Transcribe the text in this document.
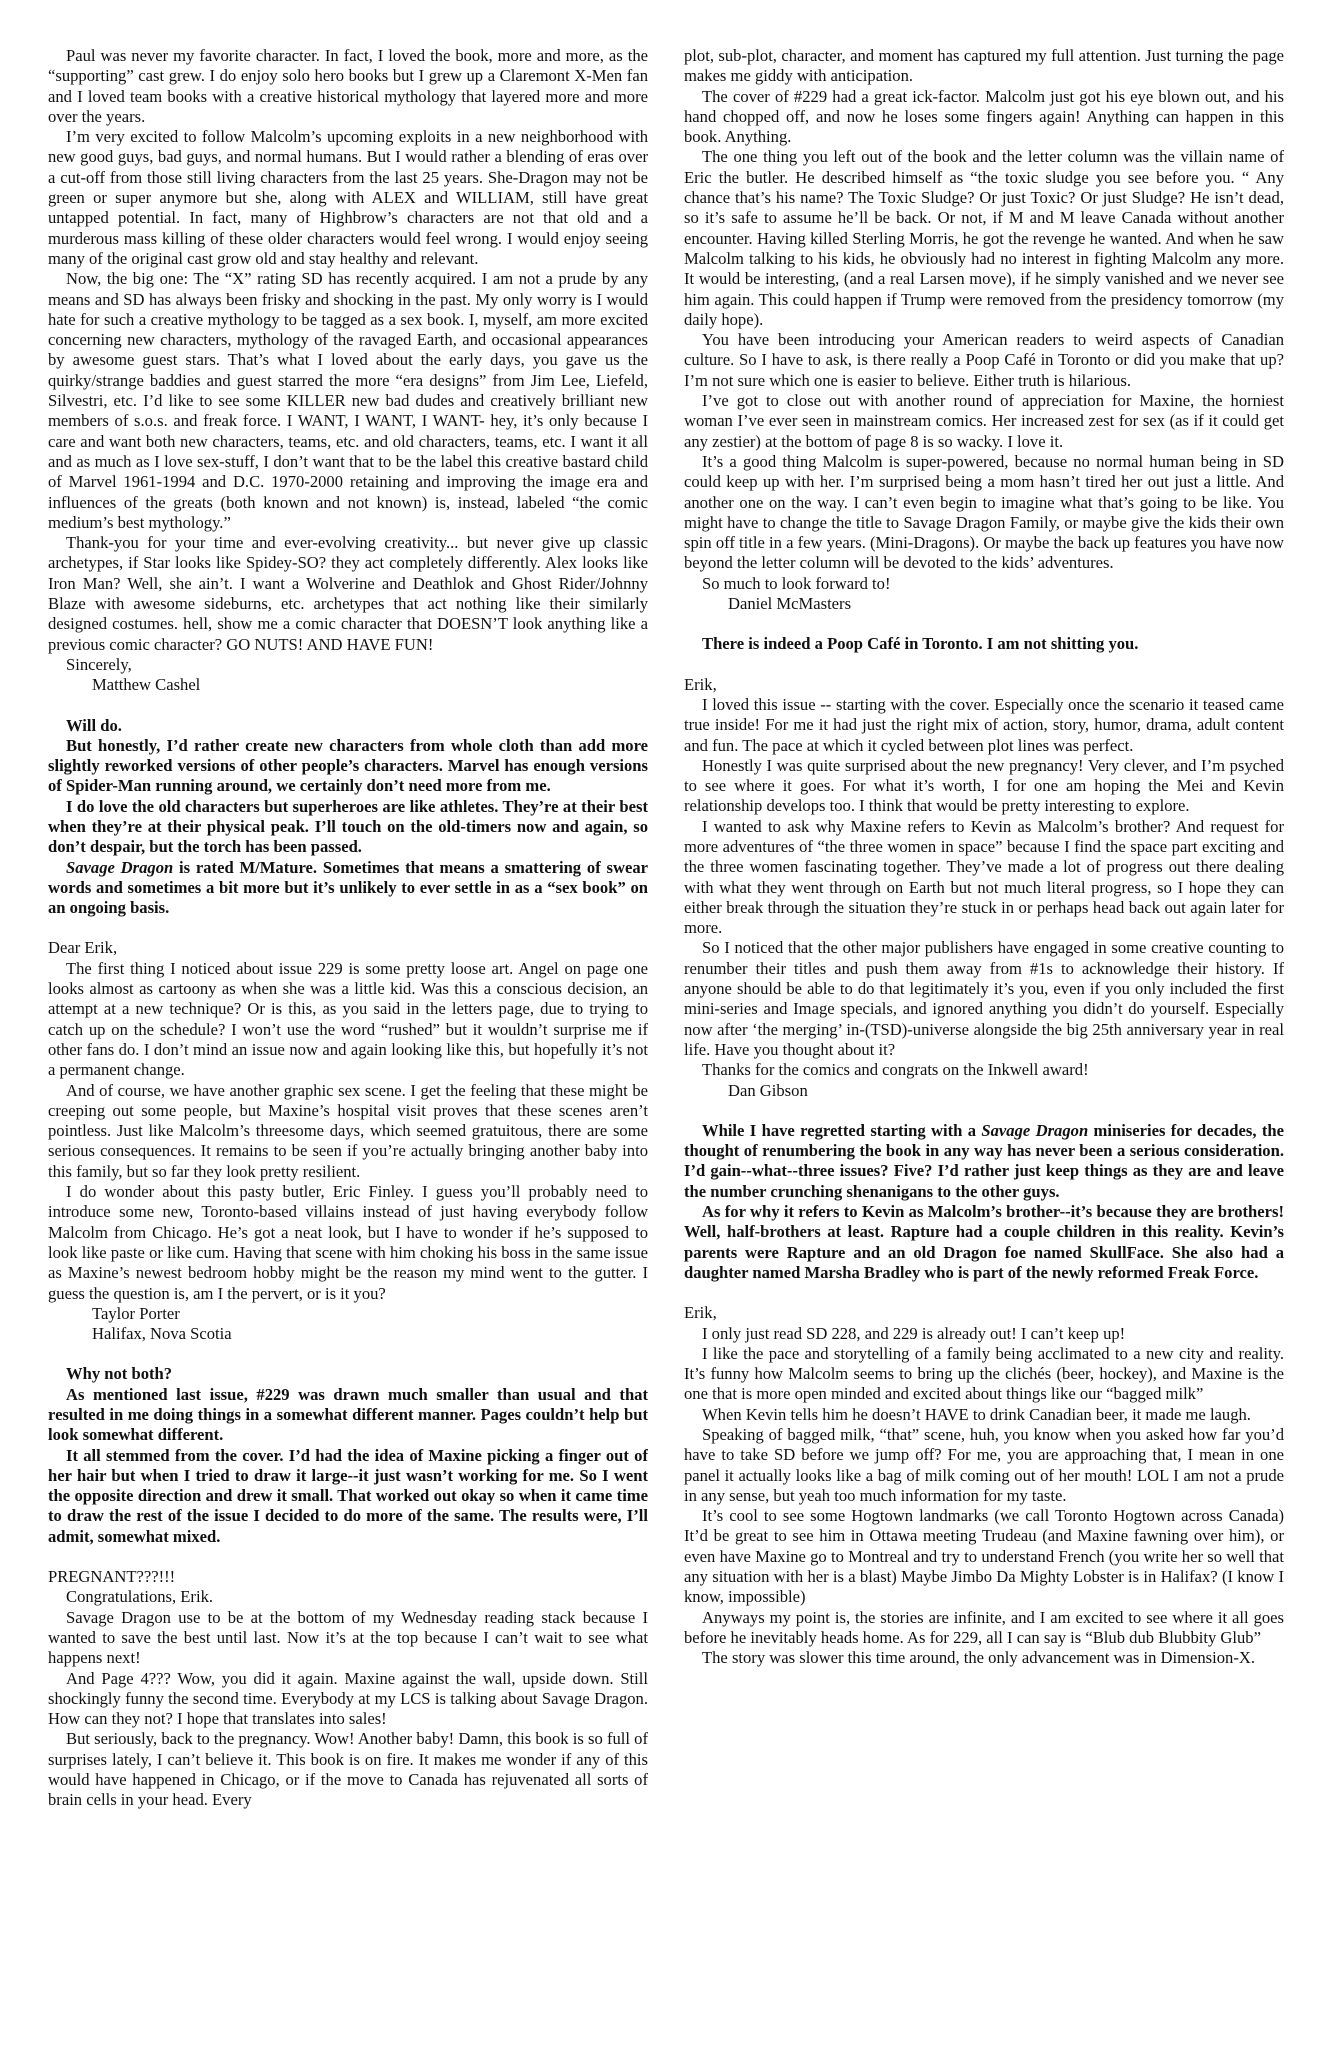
Paul was never my favorite character. In fact, I loved the book, more and more, as the “supporting” cast grew. I do enjoy solo hero books but I grew up a Claremont X-Men fan and I loved team books with a creative historical mythology that layered more and more over the years.

I’m very excited to follow Malcolm’s upcoming exploits in a new neighborhood with new good guys, bad guys, and normal humans. But I would rather a blending of eras over a cut-off from those still living characters from the last 25 years. She-Dragon may not be green or super anymore but she, along with ALEX and WILLIAM, still have great untapped potential. In fact, many of Highbrow’s characters are not that old and a murderous mass killing of these older characters would feel wrong. I would enjoy seeing many of the original cast grow old and stay healthy and relevant.

Now, the big one: The “X” rating SD has recently acquired. I am not a prude by any means and SD has always been frisky and shocking in the past. My only worry is I would hate for such a creative mythology to be tagged as a sex book. I, myself, am more excited concerning new characters, mythology of the ravaged Earth, and occasional appearances by awesome guest stars. That’s what I loved about the early days, you gave us the quirky/strange baddies and guest starred the more “era designs” from Jim Lee, Liefeld, Silvestri, etc. I’d like to see some KILLER new bad dudes and creatively brilliant new members of s.o.s. and freak force. I WANT, I WANT, I WANT- hey, it’s only because I care and want both new characters, teams, etc. and old characters, teams, etc. I want it all and as much as I love sex-stuff, I don’t want that to be the label this creative bastard child of Marvel 1961-1994 and D.C. 1970-2000 retaining and improving the image era and influences of the greats (both known and not known) is, instead, labeled “the comic medium’s best mythology.”

Thank-you for your time and ever-evolving creativity... but never give up classic archetypes, if Star looks like Spidey-SO? they act completely differently. Alex looks like Iron Man? Well, she ain’t. I want a Wolverine and Deathlok and Ghost Rider/Johnny Blaze with awesome sideburns, etc. archetypes that act nothing like their similarly designed costumes. hell, show me a comic character that DOESN’T look anything like a previous comic character? GO NUTS! AND HAVE FUN!

Sincerely,

Matthew Cashel

Will do.

But honestly, I’d rather create new characters from whole cloth than add more slightly reworked versions of other people’s characters. Marvel has enough versions of Spider-Man running around, we certainly don’t need more from me.

I do love the old characters but superheroes are like athletes. They’re at their best when they’re at their physical peak. I’ll touch on the old-timers now and again, so don’t despair, but the torch has been passed.

Savage Dragon is rated M/Mature. Sometimes that means a smattering of swear words and sometimes a bit more but it’s unlikely to ever settle in as a “sex book” on an ongoing basis.

Dear Erik,

The first thing I noticed about issue 229 is some pretty loose art. Angel on page one looks almost as cartoony as when she was a little kid. Was this a conscious decision, an attempt at a new technique? Or is this, as you said in the letters page, due to trying to catch up on the schedule? I won’t use the word “rushed” but it wouldn’t surprise me if other fans do. I don’t mind an issue now and again looking like this, but hopefully it’s not a permanent change.

And of course, we have another graphic sex scene. I get the feeling that these might be creeping out some people, but Maxine’s hospital visit proves that these scenes aren’t pointless. Just like Malcolm’s threesome days, which seemed gratuitous, there are some serious consequences. It remains to be seen if you’re actually bringing another baby into this family, but so far they look pretty resilient.

I do wonder about this pasty butler, Eric Finley. I guess you’ll probably need to introduce some new, Toronto-based villains instead of just having everybody follow Malcolm from Chicago. He’s got a neat look, but I have to wonder if he’s supposed to look like paste or like cum. Having that scene with him choking his boss in the same issue as Maxine’s newest bedroom hobby might be the reason my mind went to the gutter. I guess the question is, am I the pervert, or is it you?

Taylor Porter

Halifax, Nova Scotia

Why not both?

As mentioned last issue, #229 was drawn much smaller than usual and that resulted in me doing things in a somewhat different manner. Pages couldn’t help but look somewhat different.

It all stemmed from the cover. I’d had the idea of Maxine picking a finger out of her hair but when I tried to draw it large--it just wasn’t working for me. So I went the opposite direction and drew it small. That worked out okay so when it came time to draw the rest of the issue I decided to do more of the same. The results were, I’ll admit, somewhat mixed.

PREGNANT???!!!

Congratulations, Erik.

Savage Dragon use to be at the bottom of my Wednesday reading stack because I wanted to save the best until last. Now it’s at the top because I can’t wait to see what happens next!

And Page 4??? Wow, you did it again. Maxine against the wall, upside down. Still shockingly funny the second time. Everybody at my LCS is talking about Savage Dragon. How can they not? I hope that translates into sales!

But seriously, back to the pregnancy. Wow! Another baby! Damn, this book is so full of surprises lately, I can’t believe it. This book is on fire. It makes me wonder if any of this would have happened in Chicago, or if the move to Canada has rejuvenated all sorts of brain cells in your head. Every

plot, sub-plot, character, and moment has captured my full attention. Just turning the page makes me giddy with anticipation.

The cover of #229 had a great ick-factor. Malcolm just got his eye blown out, and his hand chopped off, and now he loses some fingers again! Anything can happen in this book. Anything.

The one thing you left out of the book and the letter column was the villain name of Eric the butler. He described himself as “the toxic sludge you see before you. “ Any chance that’s his name? The Toxic Sludge? Or just Toxic? Or just Sludge? He isn’t dead, so it’s safe to assume he’ll be back. Or not, if M and M leave Canada without another encounter. Having killed Sterling Morris, he got the revenge he wanted. And when he saw Malcolm talking to his kids, he obviously had no interest in fighting Malcolm any more. It would be interesting, (and a real Larsen move), if he simply vanished and we never see him again. This could happen if Trump were removed from the presidency tomorrow (my daily hope).

You have been introducing your American readers to weird aspects of Canadian culture. So I have to ask, is there really a Poop Café in Toronto or did you make that up? I’m not sure which one is easier to believe. Either truth is hilarious.

I’ve got to close out with another round of appreciation for Maxine, the horniest woman I’ve ever seen in mainstream comics. Her increased zest for sex (as if it could get any zestier) at the bottom of page 8 is so wacky. I love it.

It’s a good thing Malcolm is super-powered, because no normal human being in SD could keep up with her. I’m surprised being a mom hasn’t tired her out just a little. And another one on the way. I can’t even begin to imagine what that’s going to be like. You might have to change the title to Savage Dragon Family, or maybe give the kids their own spin off title in a few years. (Mini-Dragons). Or maybe the back up features you have now beyond the letter column will be devoted to the kids’ adventures.

So much to look forward to!

Daniel McMasters

There is indeed a Poop Café in Toronto. I am not shitting you.

Erik,

I loved this issue -- starting with the cover. Especially once the scenario it teased came true inside! For me it had just the right mix of action, story, humor, drama, adult content and fun. The pace at which it cycled between plot lines was perfect.

Honestly I was quite surprised about the new pregnancy! Very clever, and I’m psyched to see where it goes. For what it’s worth, I for one am hoping the Mei and Kevin relationship develops too. I think that would be pretty interesting to explore.

I wanted to ask why Maxine refers to Kevin as Malcolm’s brother? And request for more adventures of “the three women in space” because I find the space part exciting and the three women fascinating together. They’ve made a lot of progress out there dealing with what they went through on Earth but not much literal progress, so I hope they can either break through the situation they’re stuck in or perhaps head back out again later for more.

So I noticed that the other major publishers have engaged in some creative counting to renumber their titles and push them away from #1s to acknowledge their history. If anyone should be able to do that legitimately it’s you, even if you only included the first mini-series and Image specials, and ignored anything you didn’t do yourself. Especially now after ‘the merging’ in-(TSD)-universe alongside the big 25th anniversary year in real life. Have you thought about it?

Thanks for the comics and congrats on the Inkwell award!

Dan Gibson

While I have regretted starting with a Savage Dragon miniseries for decades, the thought of renumbering the book in any way has never been a serious consideration. I’d gain--what--three issues? Five? I’d rather just keep things as they are and leave the number crunching shenanigans to the other guys.

As for why it refers to Kevin as Malcolm’s brother--it’s because they are brothers! Well, half-brothers at least. Rapture had a couple children in this reality. Kevin’s parents were Rapture and an old Dragon foe named SkullFace. She also had a daughter named Marsha Bradley who is part of the newly reformed Freak Force.

Erik,

I only just read SD 228, and 229 is already out! I can’t keep up!

I like the pace and storytelling of a family being acclimated to a new city and reality. It’s funny how Malcolm seems to bring up the clichés (beer, hockey), and Maxine is the one that is more open minded and excited about things like our “bagged milk”

When Kevin tells him he doesn’t HAVE to drink Canadian beer, it made me laugh.

Speaking of bagged milk, “that” scene, huh, you know when you asked how far you’d have to take SD before we jump off? For me, you are approaching that, I mean in one panel it actually looks like a bag of milk coming out of her mouth! LOL I am not a prude in any sense, but yeah too much information for my taste.

It’s cool to see some Hogtown landmarks (we call Toronto Hogtown across Canada) It’d be great to see him in Ottawa meeting Trudeau (and Maxine fawning over him), or even have Maxine go to Montreal and try to understand French (you write her so well that any situation with her is a blast) Maybe Jimbo Da Mighty Lobster is in Halifax? (I know I know, impossible)

Anyways my point is, the stories are infinite, and I am excited to see where it all goes before he inevitably heads home. As for 229, all I can say is “Blub dub Blubbity Glub”

The story was slower this time around, the only advancement was in Dimension-X.
